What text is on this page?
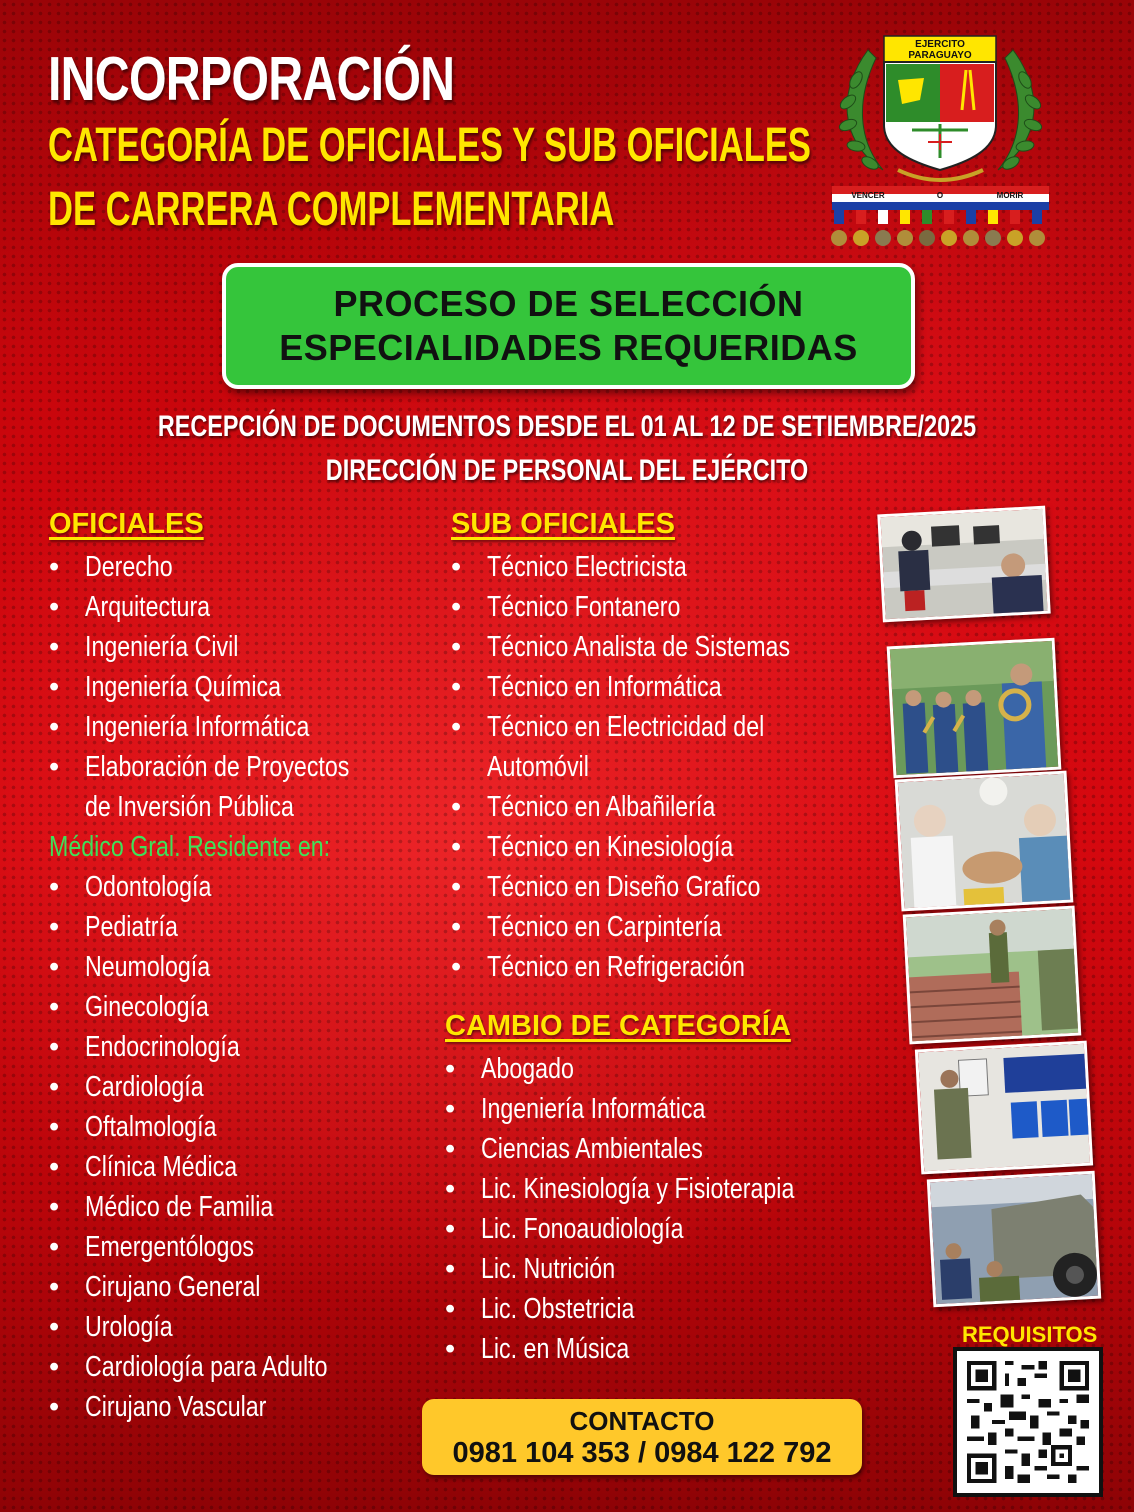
INCORPORACIÓN
CATEGORÍA DE OFICIALES Y SUB OFICIALES
DE CARRERA COMPLEMENTARIA
EJERCITO
PARAGUAYO
VENCER	O	MORIR
PROCESO DE SELECCIÓN
ESPECIALIDADES REQUERIDAS
RECEPCIÓN DE DOCUMENTOS DESDE EL 01 AL 12 DE SETIEMBRE/2025
DIRECCIÓN DE PERSONAL DEL EJÉRCITO
OFICIALES
• Derecho
• Arquitectura
• Ingeniería Civil
• Ingeniería Química
• Ingeniería Informática
• Elaboración de Proyectos
de Inversión Pública
Médico Gral. Residente en:
• Odontología
• Pediatría
• Neumología
• Ginecología
• Endocrinología
• Cardiología
• Oftalmología
• Clínica Médica
• Médico de Familia
• Emergentólogos
• Cirujano General
• Urología
• Cardiología para Adulto
• Cirujano Vascular
SUB OFICIALES
• Técnico Electricista
• Técnico Fontanero
• Técnico Analista de Sistemas
• Técnico en Informática
• Técnico en Electricidad del
Automóvil
• Técnico en Albañilería
• Técnico en Kinesiología
• Técnico en Diseño Grafico
• Técnico en Carpintería
• Técnico en Refrigeración
CAMBIO DE CATEGORÍA
• Abogado
• Ingeniería Informática
• Ciencias Ambientales
• Lic. Kinesiología y Fisioterapia
• Lic. Fonoaudiología
• Lic. Nutrición
• Lic. Obstetricia
• Lic. en Música
CONTACTO
0981 104 353 / 0984 122 792
REQUISITOS
